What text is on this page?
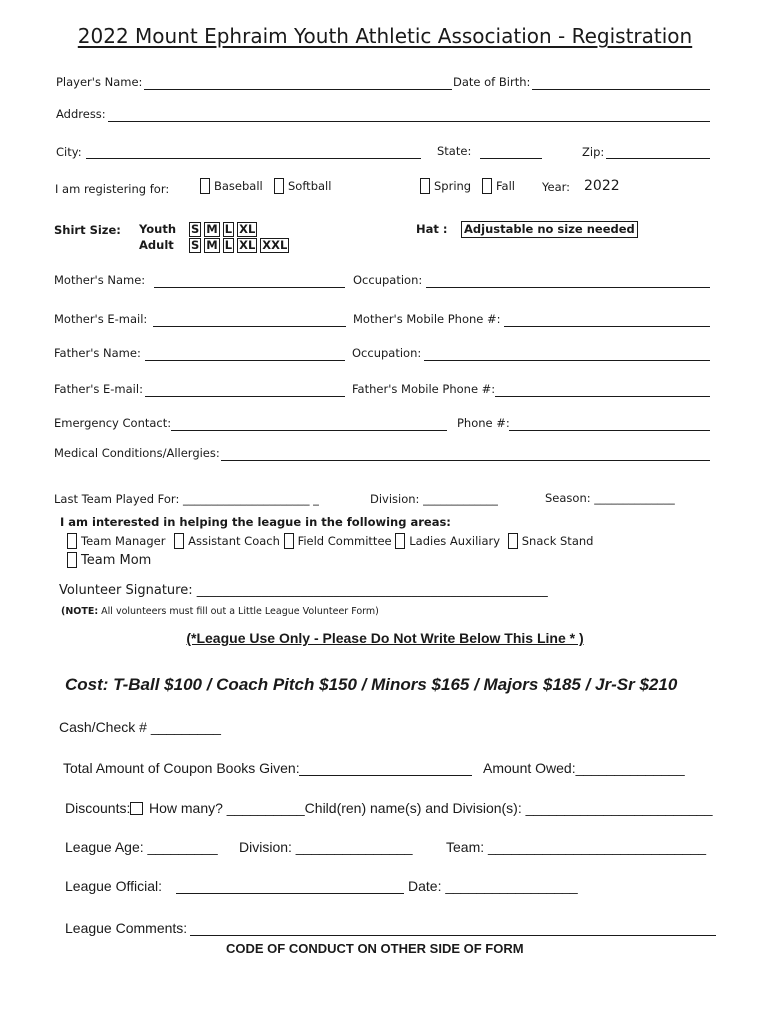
2022 Mount Ephraim Youth Athletic Association - Registration
Player's Name:	Date of Birth:
Address:
City:	State:	Zip:
I am registering for:	Baseball	Softball	Spring	Fall Year: 2022
Shirt Size: Youth S M L XL
Adult S M L XL XXL
Hat : Adjustable no size needed
Mother's Name:	Occupation:
Mother's E-mail:	Mother's Mobile Phone #:
Father's Name:	Occupation:
Father's E-mail:	Father's Mobile Phone #:
Emergency Contact:	Phone #:
Medical Conditions/Allergies:
Last Team Played For: ______________________ _	Division: _____________	Season: ______________
I am interested in helping the league in the following areas:
Team Manager Assistant Coach Field Committee Ladies Auxiliary Snack Stand
Team Mom
Volunteer Signature: ______________________________________________________
(NOTE: All volunteers must fill out a Little League Volunteer Form)
(*League Use Only - Please Do Not Write Below This Line * )
Cost: T-Ball $100 / Coach Pitch $150 / Minors $165 / Majors $185 / Jr-Sr $210
Cash/Check # _________
Total Amount of Coupon Books Given:	Amount Owed:______________
Discounts: How many? __________Child(ren) name(s) and Division(s): ________________________
League Age: _________ Division: _______________ Team: ____________________________
League Official:	Date: _________________
League Comments:
CODE OF CONDUCT ON OTHER SIDE OF FORM
